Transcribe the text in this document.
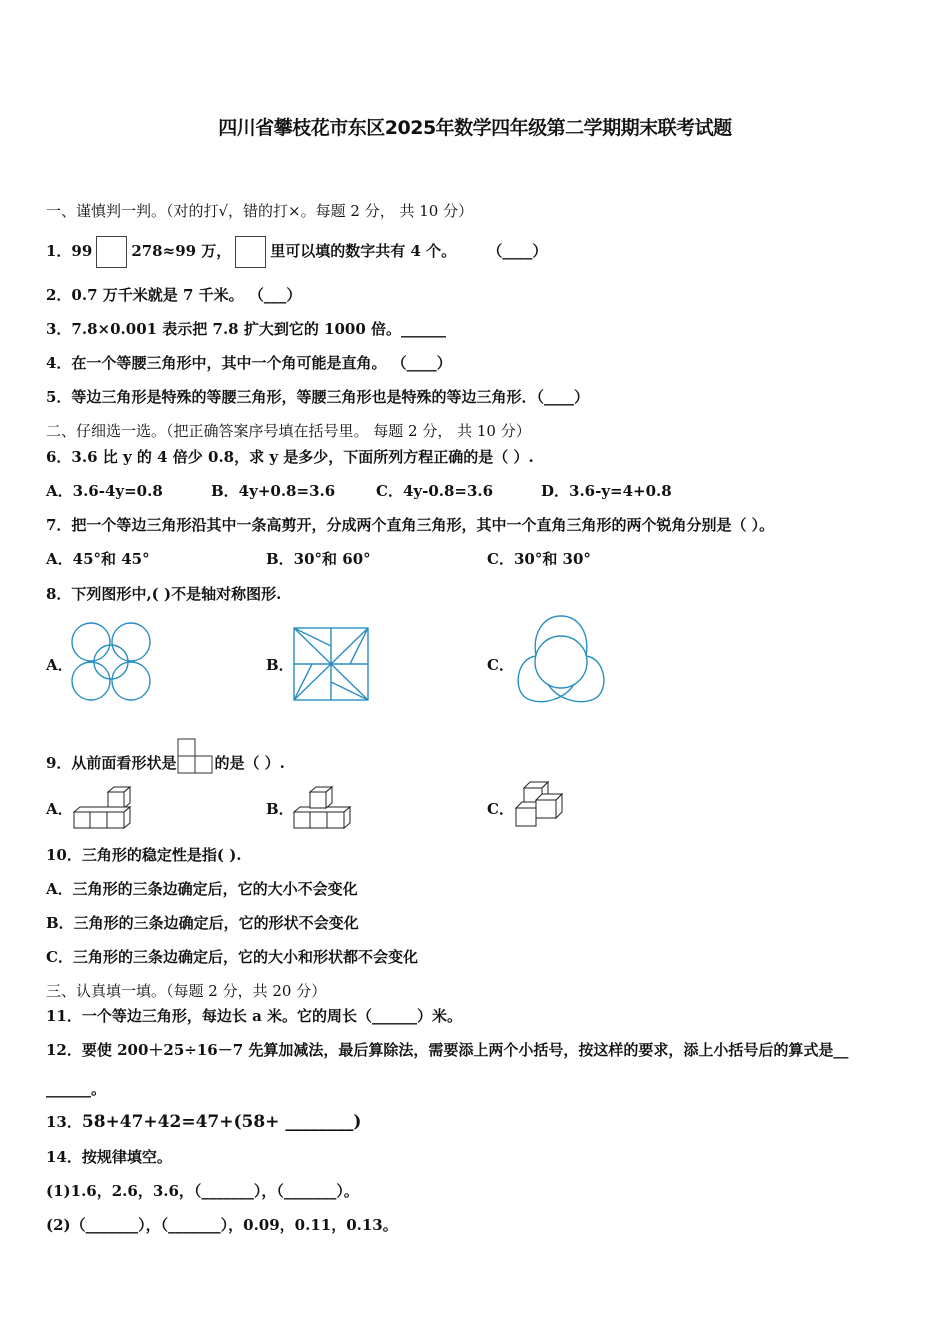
四川省攀枝花市东区2025年数学四年级第二学期期末联考试题
一、谨慎判一判。（对的打√，错的打×。每题 2 分， 共 10 分）
1．99	278≈99 万，	里可以填的数字共有 4 个。 （____）
2．0.7 万千米就是 7 千米。 （___）
3．7.8×0.001 表示把 7.8 扩大到它的 1000 倍。______
4．在一个等腰三角形中，其中一个角可能是直角。 （____）
5．等边三角形是特殊的等腰三角形，等腰三角形也是特殊的等边三角形．（____）
二、仔细选一选。（把正确答案序号填在括号里。 每题 2 分， 共 10 分）
6．3.6 比 y 的 4 倍少 0.8，求 y 是多少，下面所列方程正确的是（ ）.
A．3.6-4y=0.8	B．4y+0.8=3.6	C．4y-0.8=3.6	D．3.6-y=4+0.8
7．把一个等边三角形沿其中一条高剪开，分成两个直角三角形，其中一个直角三角形的两个锐角分别是（ ）。
A．45°和 45°	B．30°和 60°	C．30°和 30°
8．下列图形中,( )不是轴对称图形.
A．	B．	C．
9．从前面看形状是	的是（ ）.
A．	B．	C．
10．三角形的稳定性是指( ).
A．三角形的三条边确定后，它的大小不会变化
B．三角形的三条边确定后，它的形状不会变化
C．三角形的三条边确定后，它的大小和形状都不会变化
三、认真填一填。（每题 2 分，共 20 分）
11．一个等边三角形，每边长 a 米。它的周长（______）米。
12．要使 200＋25÷16－7 先算加减法，最后算除法，需要添上两个小括号，按这样的要求，添上小括号后的算式是__
______。
13．58+47+42=47+(58+ ________)
14．按规律填空。
(1)1.6，2.6，3.6，（_______），（_______）。
(2)（_______），（_______），0.09，0.11，0.13。
